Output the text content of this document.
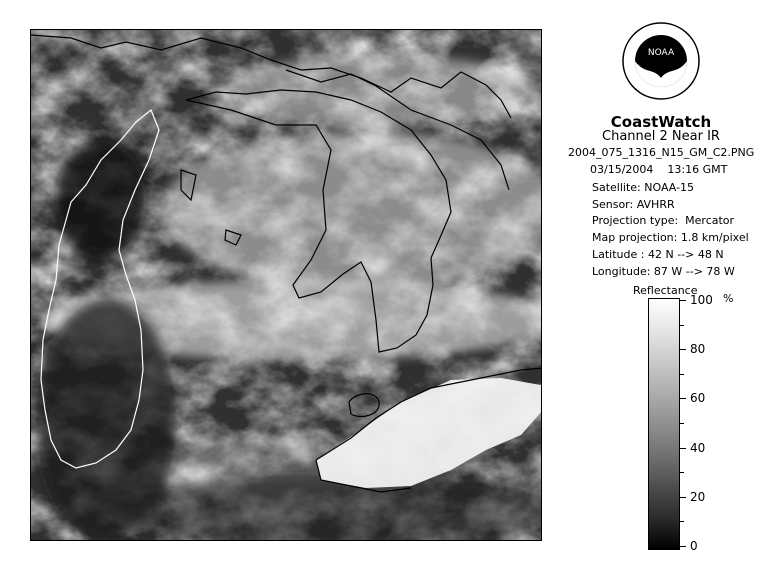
NOAA
CoastWatch
Channel 2 Near IR
2004_075_1316_N15_GM_C2.PNG
03/15/2004    13:16 GMT
Satellite: NOAA-15
Sensor: AVHRR
Projection type:  Mercator
Map projection: 1.8 km/pixel
Latitude : 42 N --> 48 N
Longitude: 87 W --> 78 W
Reflectance
%
100
80
60
40
20
0
